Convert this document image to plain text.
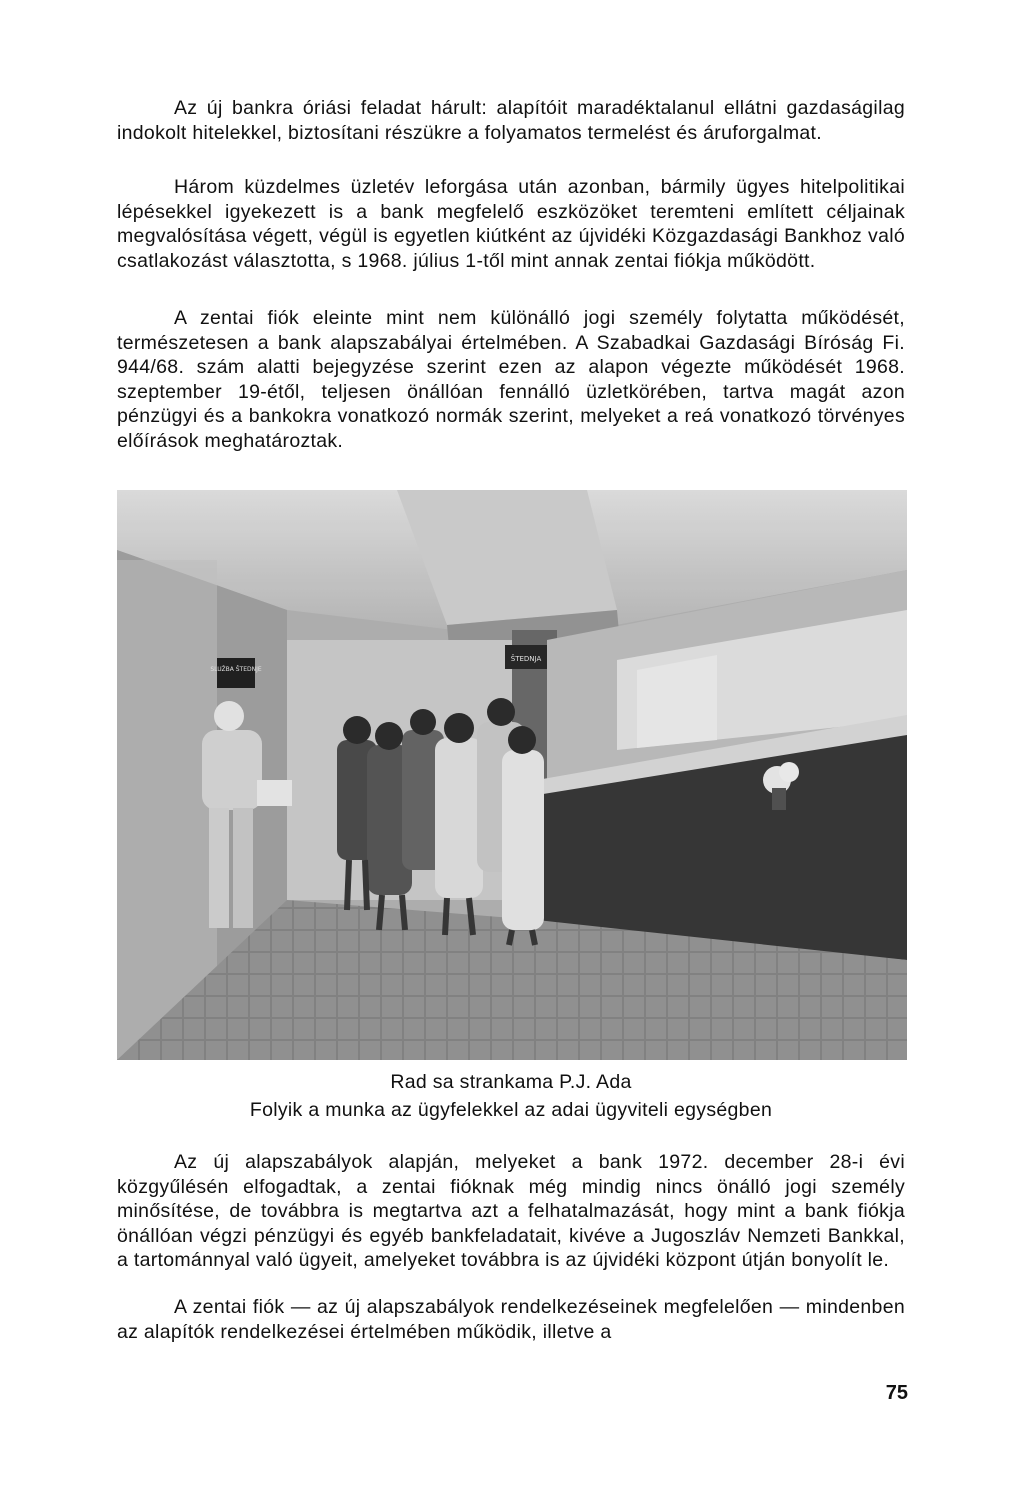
Az új bankra óriási feladat hárult: alapítóit maradéktalanul ellátni gazdaságilag indokolt hitelekkel, biztosítani részükre a folyamatos termelést és áruforgalmat.

Három küzdelmes üzletév leforgása után azonban, bármily ügyes hitelpolitikai lépésekkel igyekezett is a bank megfelelő eszközöket teremteni említett céljainak megvalósítása végett, végül is egyetlen kiútként az újvidéki Közgazdasági Bankhoz való csatlakozást választotta, s 1968. július 1-től mint annak zentai fiókja működött.

A zentai fiók eleinte mint nem különálló jogi személy folytatta működését, természetesen a bank alapszabályai értelmében. A Szabadkai Gazdasági Bíróság Fi. 944/68. szám alatti bejegyzése szerint ezen az alapon végezte működését 1968. szeptember 19-étől, teljesen önállóan fennálló üzletkörében, tartva magát azon pénzügyi és a bankokra vonatkozó normák szerint, melyeket a reá vonatkozó törvényes előírások meghatároztak.

SLUŽBA ŠTEDNJE
ŠTEDNJA

Rad sa strankama P.J. Ada

Folyik a munka az ügyfelekkel az adai ügyviteli egységben

Az új alapszabályok alapján, melyeket a bank 1972. december 28-i évi közgyűlésén elfogadtak, a zentai fióknak még mindig nincs önálló jogi személy minősítése, de továbbra is megtartva azt a felhatalmazását, hogy mint a bank fiókja önállóan végzi pénzügyi és egyéb bankfeladatait, kivéve a Jugoszláv Nemzeti Bankkal, a tartománnyal való ügyeit, amelyeket továbbra is az újvidéki központ útján bonyolít le.

A zentai fiók — az új alapszabályok rendelkezéseinek megfelelően — mindenben az alapítók rendelkezései értelmében működik, illetve a

75
